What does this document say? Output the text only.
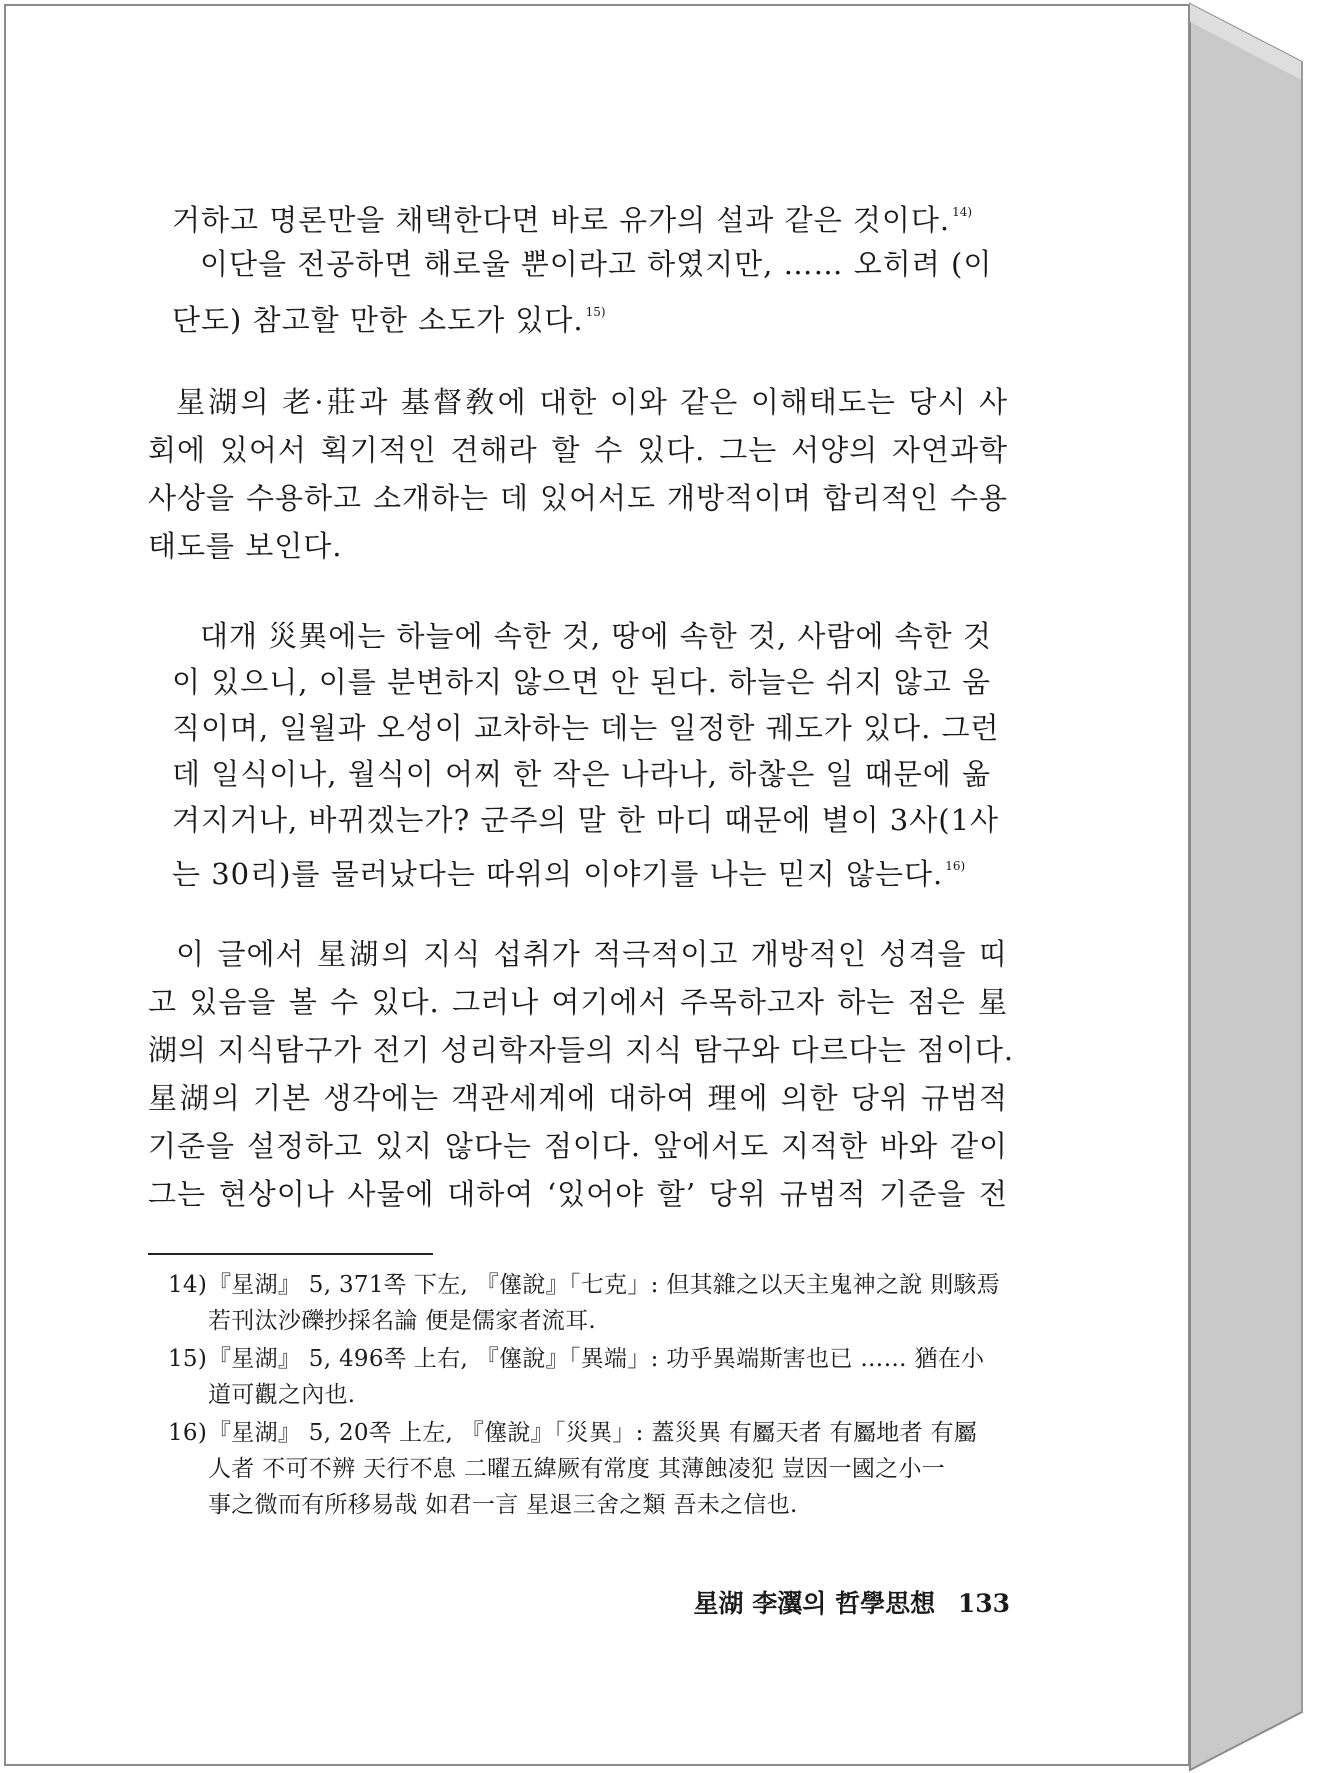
거하고 명론만을 채택한다면 바로 유가의 설과 같은 것이다. $^{14)}$
이단을 전공하면 해로울 뿐이라고 하였지만, …… 오히려 (이
단도) 참고할 만한 소도가 있다. $^{15)}$
星湖의 老·莊과 基督敎에 대한 이와 같은 이해태도는 당시 사
회에 있어서 획기적인 견해라 할 수 있다. 그는 서양의 자연과학
사상을 수용하고 소개하는 데 있어서도 개방적이며 합리적인 수용
태도를 보인다.
대개 災異에는 하늘에 속한 것, 땅에 속한 것, 사람에 속한 것
이 있으니, 이를 분변하지 않으면 안 된다. 하늘은 쉬지 않고 움
직이며, 일월과 오성이 교차하는 데는 일정한 궤도가 있다. 그런
데 일식이나, 월식이 어찌 한 작은 나라나, 하찮은 일 때문에 옮
겨지거나, 바뀌겠는가? 군주의 말 한 마디 때문에 별이 3사(1사
는 30리)를 물러났다는 따위의 이야기를 나는 믿지 않는다. $^{16)}$
이 글에서 星湖의 지식 섭취가 적극적이고 개방적인 성격을 띠
고 있음을 볼 수 있다. 그러나 여기에서 주목하고자 하는 점은 星
湖의 지식탐구가 전기 성리학자들의 지식 탐구와 다르다는 점이다.
星湖의 기본 생각에는 객관세계에 대하여 理에 의한 당위 규범적
기준을 설정하고 있지 않다는 점이다. 앞에서도 지적한 바와 같이
그는 현상이나 사물에 대하여 ‘있어야 할’ 당위 규범적 기준을 전
14)『星湖』 5, 371쪽 下左, 『僿說』「七克」: 但其雜之以天主鬼神之說 則駭焉
若刊汰沙礫抄採名論 便是儒家者流耳.
15)『星湖』 5, 496쪽 上右, 『僿說』「異端」: 功乎異端斯害也已 …… 猶在小
道可觀之內也.
16)『星湖』 5, 20쪽 上左, 『僿說』「災異」: 蓋災異 有屬天者 有屬地者 有屬
人者 不可不辨 天行不息 二曜五緯厥有常度 其薄蝕凌犯 豈因一國之小一
事之微而有所移易哉 如君一言 星退三舍之類 吾未之信也.
星湖 李瀷의 哲學思想 133
